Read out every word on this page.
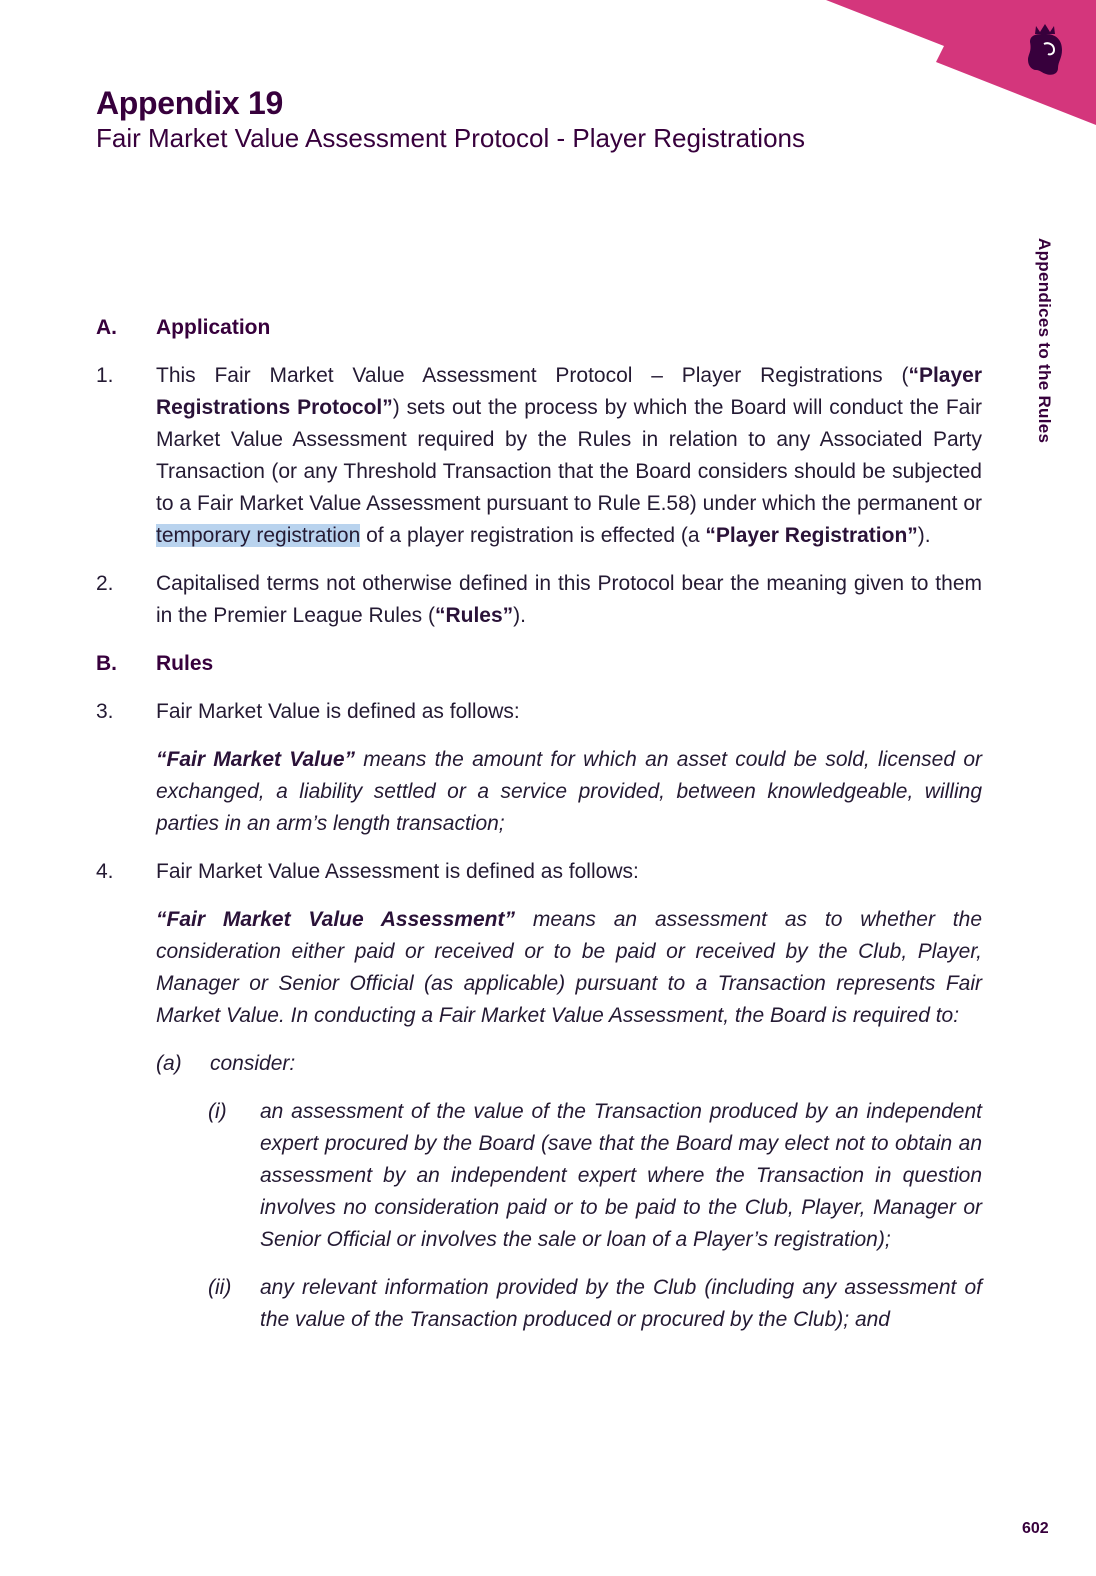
Appendix 19
Fair Market Value Assessment Protocol - Player Registrations
Appendices to the Rules
A.	Application
1.	This Fair Market Value Assessment Protocol – Player Registrations (“Player Registrations Protocol”) sets out the process by which the Board will conduct the Fair Market Value Assessment required by the Rules in relation to any Associated Party Transaction (or any Threshold Transaction that the Board considers should be subjected to a Fair Market Value Assessment pursuant to Rule E.58) under which the permanent or temporary registration of a player registration is effected (a “Player Registration”).
2.	Capitalised terms not otherwise defined in this Protocol bear the meaning given to them in the Premier League Rules (“Rules”).
B.	Rules
3.	Fair Market Value is defined as follows:
“Fair Market Value” means the amount for which an asset could be sold, licensed or exchanged, a liability settled or a service provided, between knowledgeable, willing parties in an arm’s length transaction;
4.	Fair Market Value Assessment is defined as follows:
“Fair Market Value Assessment” means an assessment as to whether the consideration either paid or received or to be paid or received by the Club, Player, Manager or Senior Official (as applicable) pursuant to a Transaction represents Fair Market Value. In conducting a Fair Market Value Assessment, the Board is required to:
(a)	consider:
(i)	an assessment of the value of the Transaction produced by an independent expert procured by the Board (save that the Board may elect not to obtain an assessment by an independent expert where the Transaction in question involves no consideration paid or to be paid to the Club, Player, Manager or Senior Official or involves the sale or loan of a Player’s registration);
(ii)	any relevant information provided by the Club (including any assessment of the value of the Transaction produced or procured by the Club); and
602
